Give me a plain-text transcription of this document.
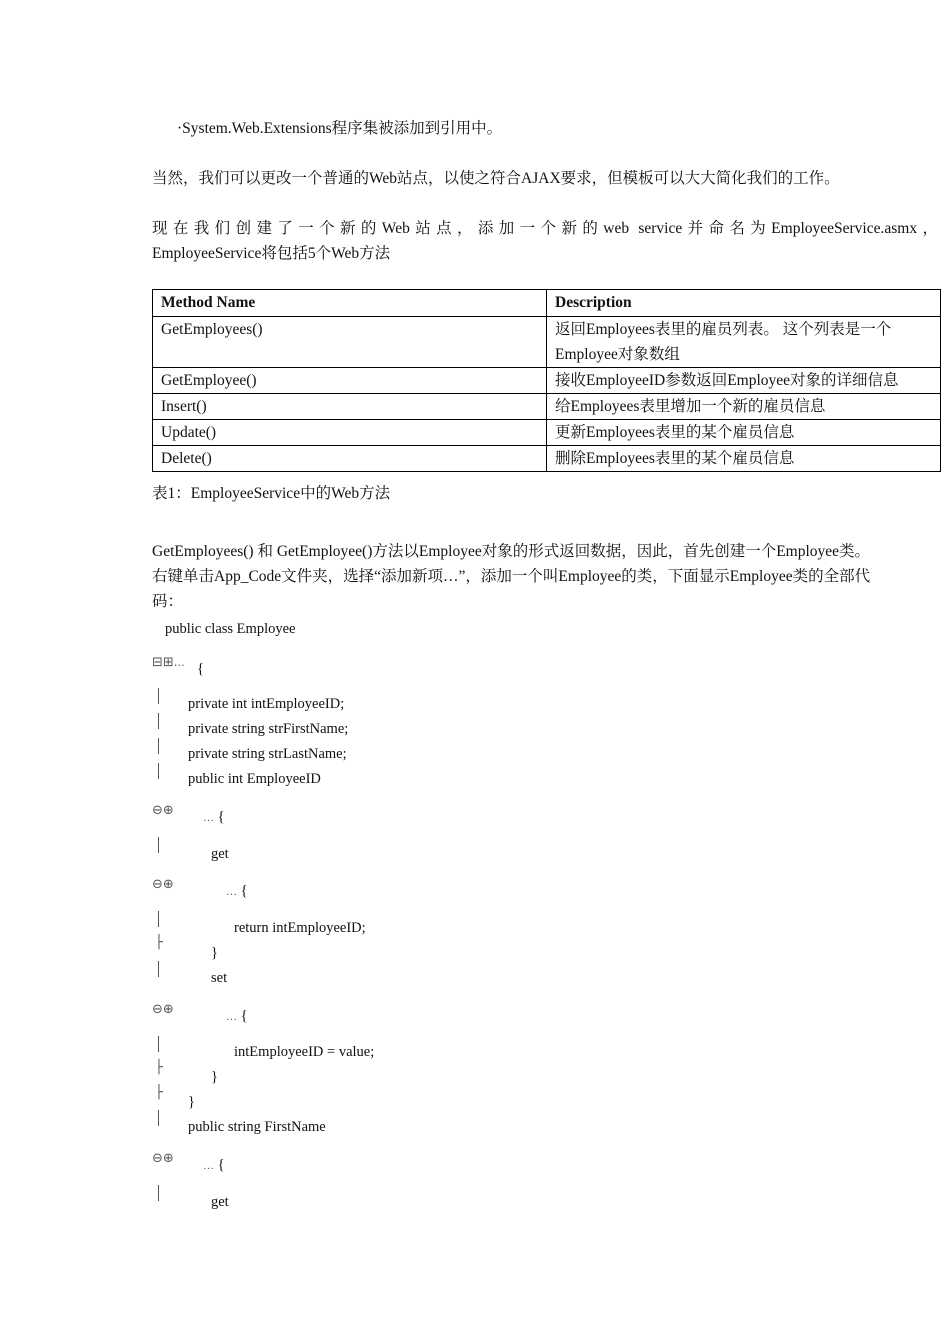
·System.Web.Extensions程序集被添加到引用中。
当然，我们可以更改一个普通的Web站点，以使之符合AJAX要求，但模板可以大大简化我们的工作。
现在我们创建了一个新的Web站点，添加一个新的web service并命名为EmployeeService.asmx，
EmployeeService将包括5个Web方法
Method Name	Description
GetEmployees()	返回Employees表里的雇员列表。 这个列表是一个Employee对象数组
GetEmployee()	接收EmployeeID参数返回Employee对象的详细信息
Insert()	给Employees表里增加一个新的雇员信息
Update()	更新Employees表里的某个雇员信息
Delete()	删除Employees表里的某个雇员信息
表1：EmployeeService中的Web方法
GetEmployees() 和 GetEmployee()方法以Employee对象的形式返回数据，因此，首先创建一个Employee类。
右键单击App_Code文件夹，选择“添加新项…”，添加一个叫Employee的类，下面显示Employee类的全部代
码：
public class Employee
⊟⊞… {
private int intEmployeeID;
private string strFirstName;
private string strLastName;
public int EmployeeID
⊖⊕	… {
get
⊖⊕	… {
return intEmployeeID;
├
}
set
⊖⊕	… {
intEmployeeID = value;
├
}
├
}
public string FirstName
⊖⊕	… {
get
